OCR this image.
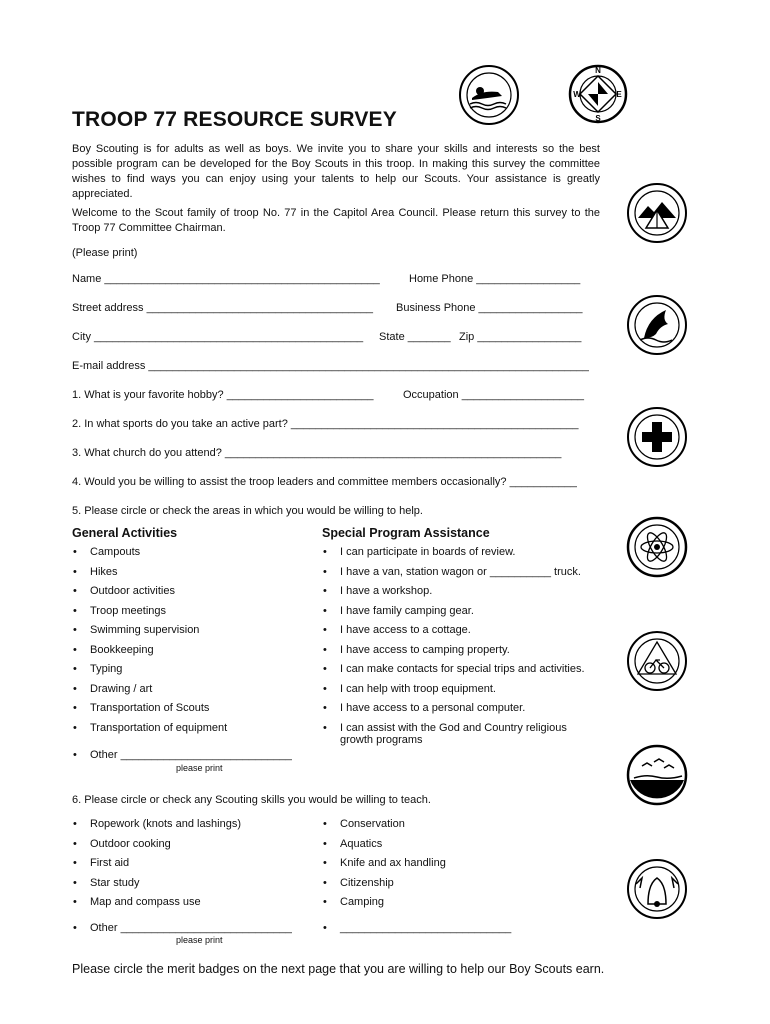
TROOP 77 RESOURCE SURVEY
N
W	E
S
Boy Scouting is for adults as well as boys. We invite you to share your skills and interests so the best possible program can be developed for the Boy Scouts in this troop. In making this survey the committee wishes to find ways you can enjoy using your talents to help our Scouts. Your assistance is greatly appreciated.
Welcome to the Scout family of troop No. 77 in the Capitol Area Council. Please return this survey to the Troop 77 Committee Chairman.
(Please print)
Name _____________________________________________	Home Phone _________________
Street address _____________________________________ Business Phone _________________
City ____________________________________________ State _______ Zip _________________
E-mail address ________________________________________________________________________
1. What is your favorite hobby? ________________________	Occupation ____________________
2. In what sports do you take an active part? _______________________________________________
3. What church do you attend? _______________________________________________________
4. Would you be willing to assist the troop leaders and committee members occasionally? ___________
5. Please circle or check the areas in which you would be willing to help.
General Activities	Special Program Assistance
• Campouts
• Hikes
• Outdoor activities
• Troop meetings
• Swimming supervision
• Bookkeeping
• Typing
• Drawing / art
• Transportation of Scouts
• Transportation of equipment
• I can participate in boards of review.
• I have a van, station wagon or __________ truck.
• I have a workshop.
• I have family camping gear.
• I have access to a cottage.
• I have access to camping property.
• I can make contacts for special trips and activities.
• I can help with troop equipment.
• I have access to a personal computer.
• I can assist with the God and Country religious
growth programs
• Other ____________________________
please print
6. Please circle or check any Scouting skills you would be willing to teach.
• Ropework (knots and lashings)
• Outdoor cooking
• First aid
• Star study
• Map and compass use
• Conservation
• Aquatics
• Knife and ax handling
• Citizenship
• Camping
• Other ____________________________
•	____________________________
please print
Please circle the merit badges on the next page that you are willing to help our Boy Scouts earn.
